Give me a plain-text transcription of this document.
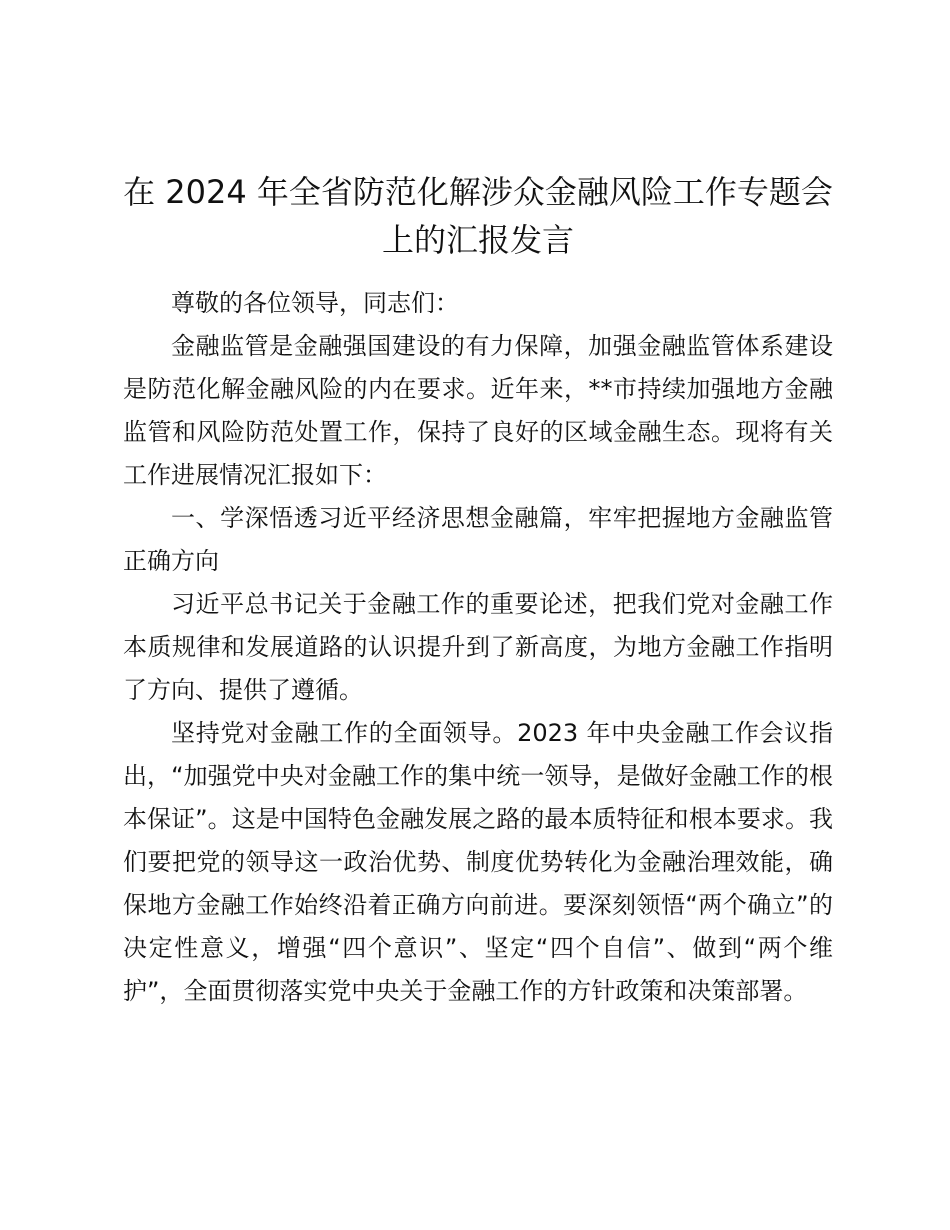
在 2024 年全省防范化解涉众金融风险工作专题会上的汇报发言

尊敬的各位领导，同志们：

金融监管是金融强国建设的有力保障，加强金融监管体系建设是防范化解金融风险的内在要求。近年来，**市持续加强地方金融监管和风险防范处置工作，保持了良好的区域金融生态。现将有关工作进展情况汇报如下：

一、学深悟透习近平经济思想金融篇，牢牢把握地方金融监管正确方向

习近平总书记关于金融工作的重要论述，把我们党对金融工作本质规律和发展道路的认识提升到了新高度，为地方金融工作指明了方向、提供了遵循。

坚持党对金融工作的全面领导。2023 年中央金融工作会议指出，“加强党中央对金融工作的集中统一领导，是做好金融工作的根本保证”。这是中国特色金融发展之路的最本质特征和根本要求。我们要把党的领导这一政治优势、制度优势转化为金融治理效能，确保地方金融工作始终沿着正确方向前进。要深刻领悟“两个确立”的决定性意义，增强“四个意识”、坚定“四个自信”、做到“两个维护”，全面贯彻落实党中央关于金融工作的方针政策和决策部署。
